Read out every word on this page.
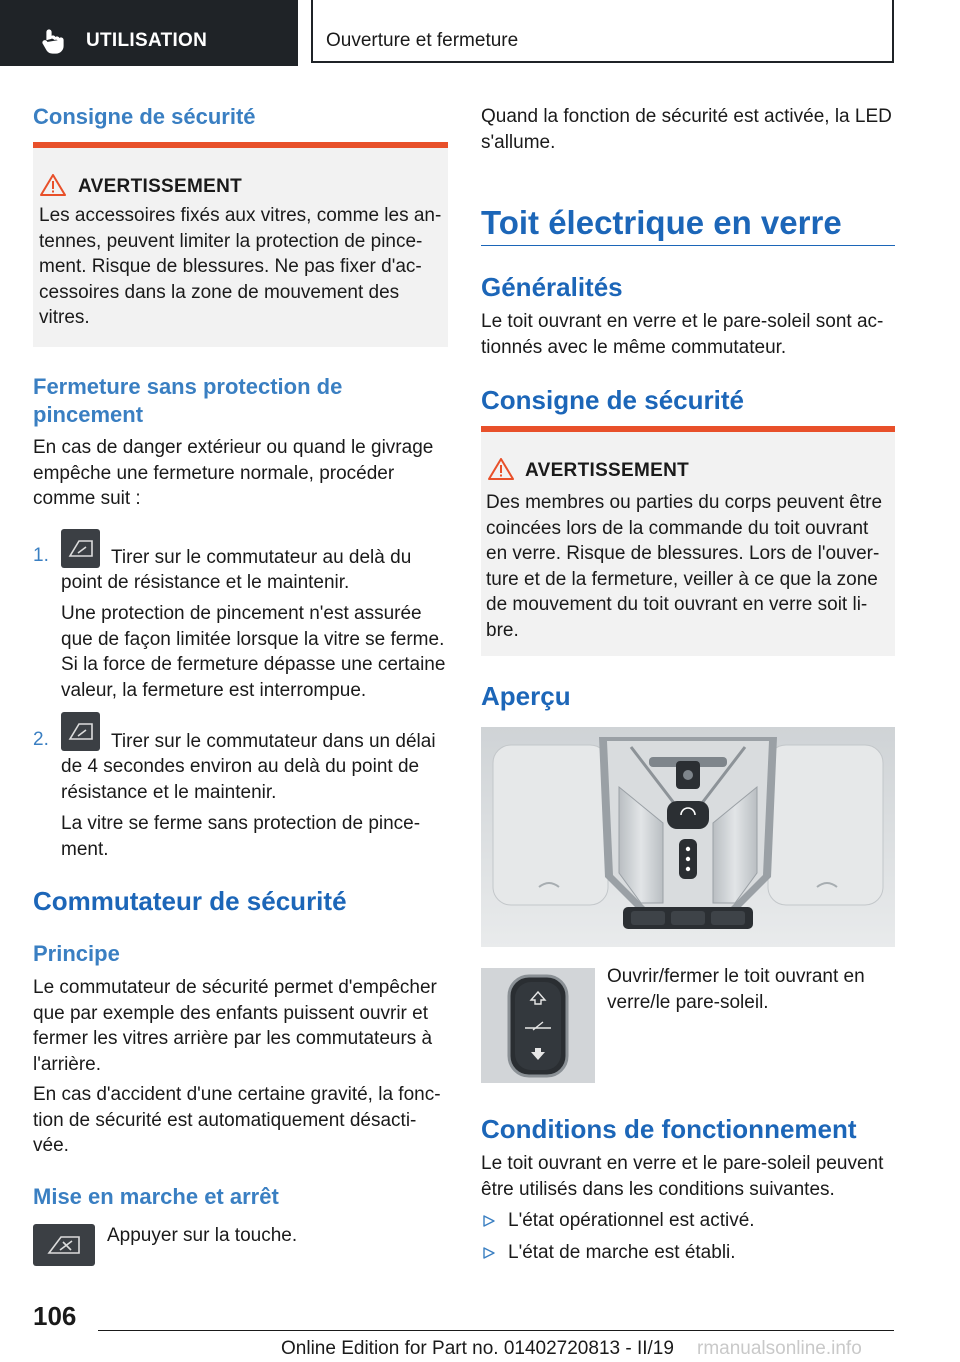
UTILISATION	Ouverture et fermeture
Consigne de sécurité
AVERTISSEMENT
Les accessoires fixés aux vitres, comme les an-
tennes, peuvent limiter la protection de pince-
ment. Risque de blessures. Ne pas fixer d'ac-
cessoires dans la zone de mouvement des
vitres.
Fermeture sans protection de
pincement
En cas de danger extérieur ou quand le givrage
empêche une fermeture normale, procéder
comme suit :
1.	Tirer sur le commutateur au delà du
point de résistance et le maintenir.
Une protection de pincement n'est assurée
que de façon limitée lorsque la vitre se ferme.
Si la force de fermeture dépasse une certaine
valeur, la fermeture est interrompue.
2.	Tirer sur le commutateur dans un délai
de 4 secondes environ au delà du point de
résistance et le maintenir.
La vitre se ferme sans protection de pince-
ment.
Commutateur de sécurité
Principe
Le commutateur de sécurité permet d'empêcher
que par exemple des enfants puissent ouvrir et
fermer les vitres arrière par les commutateurs à
l'arrière.
En cas d'accident d'une certaine gravité, la fonc-
tion de sécurité est automatiquement désacti-
vée.
Mise en marche et arrêt
Appuyer sur la touche.
Quand la fonction de sécurité est activée, la LED
s'allume.
Toit électrique en verre
Généralités
Le toit ouvrant en verre et le pare-soleil sont ac-
tionnés avec le même commutateur.
Consigne de sécurité
AVERTISSEMENT
Des membres ou parties du corps peuvent être
coincées lors de la commande du toit ouvrant
en verre. Risque de blessures. Lors de l'ouver-
ture et de la fermeture, veiller à ce que la zone
de mouvement du toit ouvrant en verre soit li-
bre.
Aperçu
Ouvrir/fermer le toit ouvrant en
verre/le pare-soleil.
Conditions de fonctionnement
Le toit ouvrant en verre et le pare-soleil peuvent
être utilisés dans les conditions suivantes.
L'état opérationnel est activé.
L'état de marche est établi.
106
Online Edition for Part no. 01402720813 - II/19 rmanualsonline.info
